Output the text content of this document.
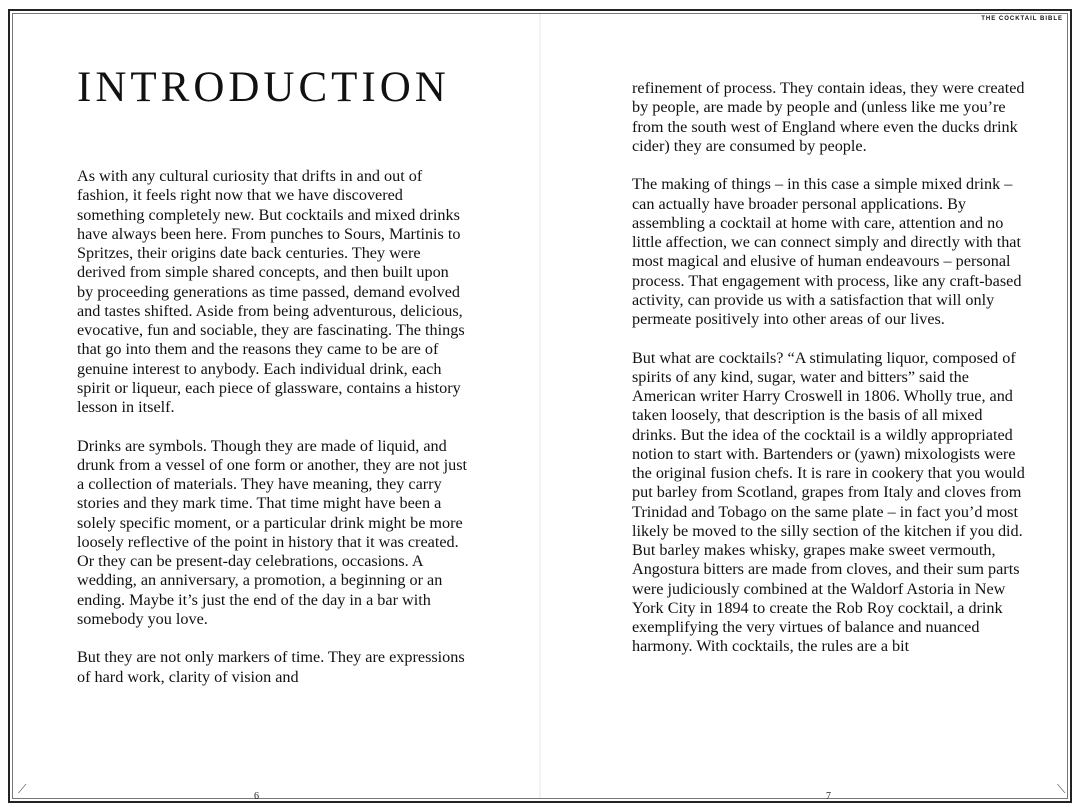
THE COCKTAIL BIBLE
INTRODUCTION

As with any cultural curiosity that drifts in and out of fashion, it feels right now that we have discovered something completely new. But cocktails and mixed drinks have always been here. From punches to Sours, Martinis to Spritzes, their origins date back centuries. They were derived from simple shared concepts, and then built upon by proceeding generations as time passed, demand evolved and tastes shifted. Aside from being adventurous, delicious, evocative, fun and sociable, they are fascinating. The things that go into them and the reasons they came to be are of genuine interest to anybody. Each individual drink, each spirit or liqueur, each piece of glassware, contains a history lesson in itself.

Drinks are symbols. Though they are made of liquid, and drunk from a vessel of one form or another, they are not just a collection of materials. They have meaning, they carry stories and they mark time. That time might have been a solely specific moment, or a particular drink might be more loosely reflective of the point in history that it was created. Or they can be present-day celebrations, occasions. A wedding, an anniversary, a promotion, a beginning or an ending. Maybe it’s just the end of the day in a bar with somebody you love.

But they are not only markers of time. They are expressions of hard work, clarity of vision and

refinement of process. They contain ideas, they were created by people, are made by people and (unless like me you’re from the south west of England where even the ducks drink cider) they are consumed by people.

The making of things – in this case a simple mixed drink – can actually have broader personal applications. By assembling a cocktail at home with care, attention and no little affection, we can connect simply and directly with that most magical and elusive of human endeavours – personal process. That engagement with process, like any craft-based activity, can provide us with a satisfaction that will only permeate positively into other areas of our lives.

But what are cocktails? “A stimulating liquor, composed of spirits of any kind, sugar, water and bitters” said the American writer Harry Croswell in 1806. Wholly true, and taken loosely, that description is the basis of all mixed drinks. But the idea of the cocktail is a wildly appropriated notion to start with. Bartenders or (yawn) mixologists were the original fusion chefs. It is rare in cookery that you would put barley from Scotland, grapes from Italy and cloves from Trinidad and Tobago on the same plate – in fact you’d most likely be moved to the silly section of the kitchen if you did. But barley makes whisky, grapes make sweet vermouth, Angostura bitters are made from cloves, and their sum parts were judiciously combined at the Waldorf Astoria in New York City in 1894 to create the Rob Roy cocktail, a drink exemplifying the very virtues of balance and nuanced harmony. With cocktails, the rules are a bit

6	7
⟋	⟍
